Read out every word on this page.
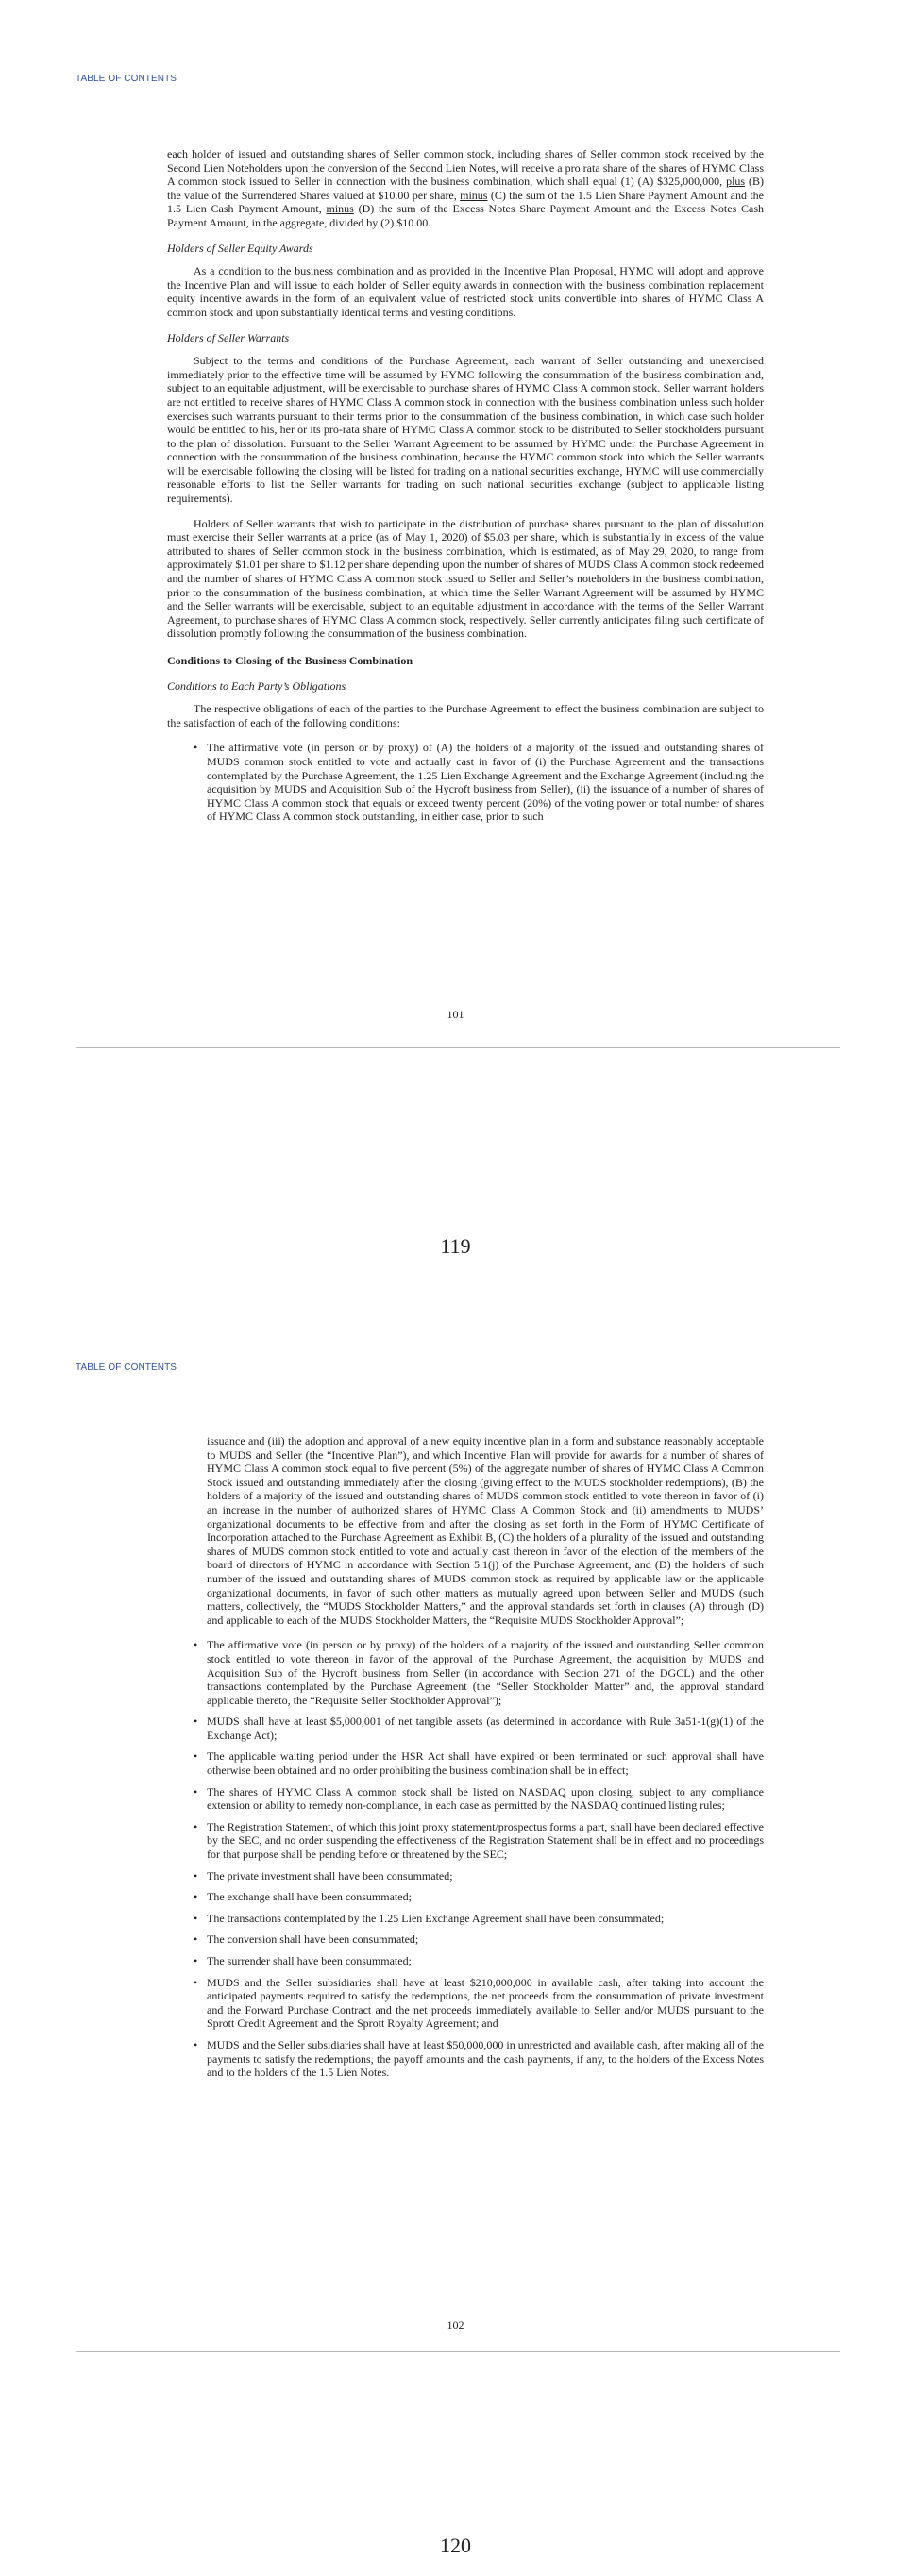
TABLE OF CONTENTS

each holder of issued and outstanding shares of Seller common stock, including shares of Seller common stock received by the Second Lien Noteholders upon the conversion of the Second Lien Notes, will receive a pro rata share of the shares of HYMC Class A common stock issued to Seller in connection with the business combination, which shall equal (1) (A) $325,000,000, plus (B) the value of the Surrendered Shares valued at $10.00 per share, minus (C) the sum of the 1.5 Lien Share Payment Amount and the 1.5 Lien Cash Payment Amount, minus (D) the sum of the Excess Notes Share Payment Amount and the Excess Notes Cash Payment Amount, in the aggregate, divided by (2) $10.00.

Holders of Seller Equity Awards

As a condition to the business combination and as provided in the Incentive Plan Proposal, HYMC will adopt and approve the Incentive Plan and will issue to each holder of Seller equity awards in connection with the business combination replacement equity incentive awards in the form of an equivalent value of restricted stock units convertible into shares of HYMC Class A common stock and upon substantially identical terms and vesting conditions.

Holders of Seller Warrants

Subject to the terms and conditions of the Purchase Agreement, each warrant of Seller outstanding and unexercised immediately prior to the effective time will be assumed by HYMC following the consummation of the business combination and, subject to an equitable adjustment, will be exercisable to purchase shares of HYMC Class A common stock. Seller warrant holders are not entitled to receive shares of HYMC Class A common stock in connection with the business combination unless such holder exercises such warrants pursuant to their terms prior to the consummation of the business combination, in which case such holder would be entitled to his, her or its pro-rata share of HYMC Class A common stock to be distributed to Seller stockholders pursuant to the plan of dissolution. Pursuant to the Seller Warrant Agreement to be assumed by HYMC under the Purchase Agreement in connection with the consummation of the business combination, because the HYMC common stock into which the Seller warrants will be exercisable following the closing will be listed for trading on a national securities exchange, HYMC will use commercially reasonable efforts to list the Seller warrants for trading on such national securities exchange (subject to applicable listing requirements).

Holders of Seller warrants that wish to participate in the distribution of purchase shares pursuant to the plan of dissolution must exercise their Seller warrants at a price (as of May 1, 2020) of $5.03 per share, which is substantially in excess of the value attributed to shares of Seller common stock in the business combination, which is estimated, as of May 29, 2020, to range from approximately $1.01 per share to $1.12 per share depending upon the number of shares of MUDS Class A common stock redeemed and the number of shares of HYMC Class A common stock issued to Seller and Seller’s noteholders in the business combination, prior to the consummation of the business combination, at which time the Seller Warrant Agreement will be assumed by HYMC and the Seller warrants will be exercisable, subject to an equitable adjustment in accordance with the terms of the Seller Warrant Agreement, to purchase shares of HYMC Class A common stock, respectively. Seller currently anticipates filing such certificate of dissolution promptly following the consummation of the business combination.

Conditions to Closing of the Business Combination

Conditions to Each Party’s Obligations

The respective obligations of each of the parties to the Purchase Agreement to effect the business combination are subject to the satisfaction of each of the following conditions:

• The affirmative vote (in person or by proxy) of (A) the holders of a majority of the issued and outstanding shares of MUDS common stock entitled to vote and actually cast in favor of (i) the Purchase Agreement and the transactions contemplated by the Purchase Agreement, the 1.25 Lien Exchange Agreement and the Exchange Agreement (including the acquisition by MUDS and Acquisition Sub of the Hycroft business from Seller), (ii) the issuance of a number of shares of HYMC Class A common stock that equals or exceed twenty percent (20%) of the voting power or total number of shares of HYMC Class A common stock outstanding, in either case, prior to such
101
119
TABLE OF CONTENTS

issuance and (iii) the adoption and approval of a new equity incentive plan in a form and substance reasonably acceptable to MUDS and Seller (the “Incentive Plan”), and which Incentive Plan will provide for awards for a number of shares of HYMC Class A common stock equal to five percent (5%) of the aggregate number of shares of HYMC Class A Common Stock issued and outstanding immediately after the closing (giving effect to the MUDS stockholder redemptions), (B) the holders of a majority of the issued and outstanding shares of MUDS common stock entitled to vote thereon in favor of (i) an increase in the number of authorized shares of HYMC Class A Common Stock and (ii) amendments to MUDS’ organizational documents to be effective from and after the closing as set forth in the Form of HYMC Certificate of Incorporation attached to the Purchase Agreement as Exhibit B, (C) the holders of a plurality of the issued and outstanding shares of MUDS common stock entitled to vote and actually cast thereon in favor of the election of the members of the board of directors of HYMC in accordance with Section 5.1(j) of the Purchase Agreement, and (D) the holders of such number of the issued and outstanding shares of MUDS common stock as required by applicable law or the applicable organizational documents, in favor of such other matters as mutually agreed upon between Seller and MUDS (such matters, collectively, the “MUDS Stockholder Matters,” and the approval standards set forth in clauses (A) through (D) and applicable to each of the MUDS Stockholder Matters, the “Requisite MUDS Stockholder Approval”;

• The affirmative vote (in person or by proxy) of the holders of a majority of the issued and outstanding Seller common stock entitled to vote thereon in favor of the approval of the Purchase Agreement, the acquisition by MUDS and Acquisition Sub of the Hycroft business from Seller (in accordance with Section 271 of the DGCL) and the other transactions contemplated by the Purchase Agreement (the “Seller Stockholder Matter” and, the approval standard applicable thereto, the “Requisite Seller Stockholder Approval”);
• MUDS shall have at least $5,000,001 of net tangible assets (as determined in accordance with Rule 3a51-1(g)(1) of the Exchange Act);
• The applicable waiting period under the HSR Act shall have expired or been terminated or such approval shall have otherwise been obtained and no order prohibiting the business combination shall be in effect;
• The shares of HYMC Class A common stock shall be listed on NASDAQ upon closing, subject to any compliance extension or ability to remedy non-compliance, in each case as permitted by the NASDAQ continued listing rules;
• The Registration Statement, of which this joint proxy statement/prospectus forms a part, shall have been declared effective by the SEC, and no order suspending the effectiveness of the Registration Statement shall be in effect and no proceedings for that purpose shall be pending before or threatened by the SEC;
• The private investment shall have been consummated;
• The exchange shall have been consummated;
• The transactions contemplated by the 1.25 Lien Exchange Agreement shall have been consummated;
• The conversion shall have been consummated;
• The surrender shall have been consummated;
• MUDS and the Seller subsidiaries shall have at least $210,000,000 in available cash, after taking into account the anticipated payments required to satisfy the redemptions, the net proceeds from the consummation of private investment and the Forward Purchase Contract and the net proceeds immediately available to Seller and/or MUDS pursuant to the Sprott Credit Agreement and the Sprott Royalty Agreement; and
• MUDS and the Seller subsidiaries shall have at least $50,000,000 in unrestricted and available cash, after making all of the payments to satisfy the redemptions, the payoff amounts and the cash payments, if any, to the holders of the Excess Notes and to the holders of the 1.5 Lien Notes.
102
120
